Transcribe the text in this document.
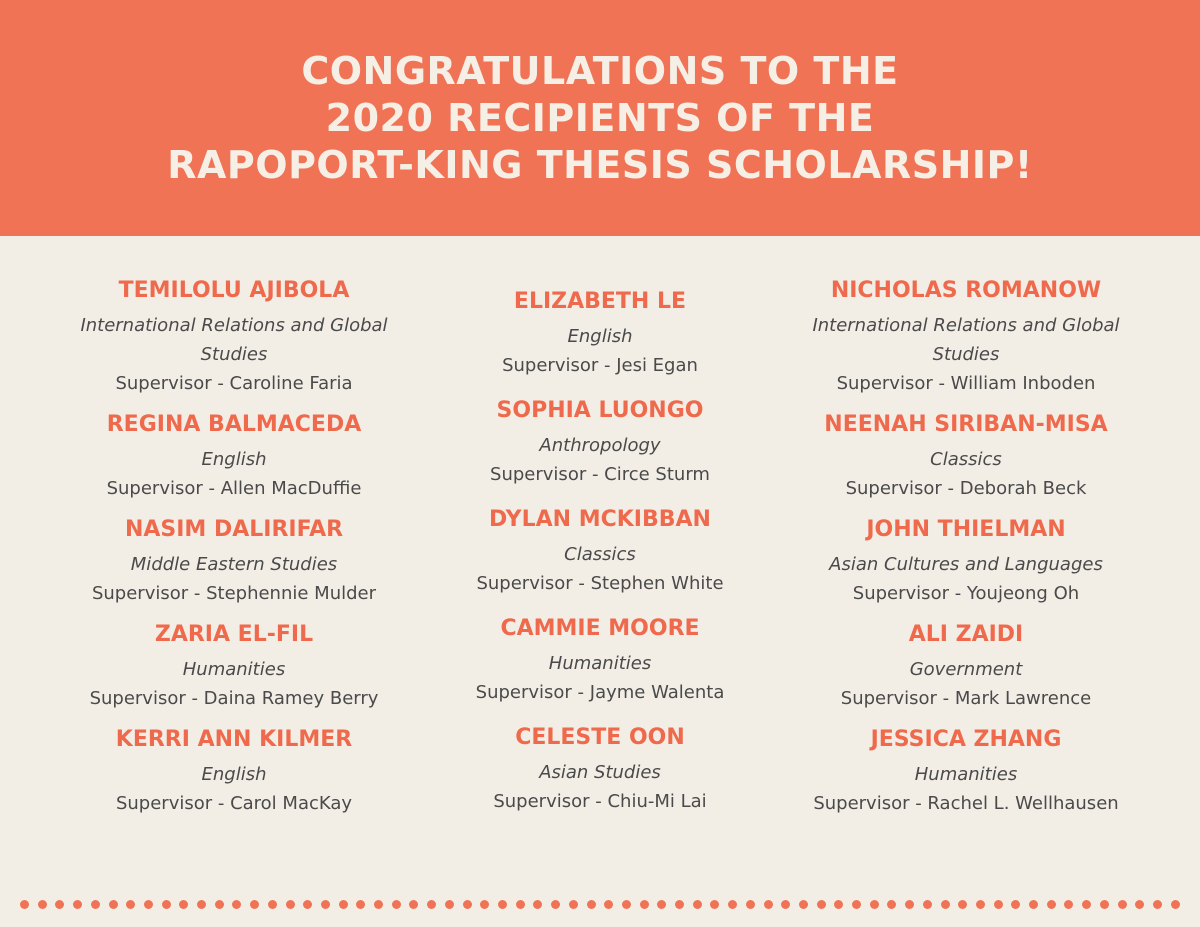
CONGRATULATIONS TO THE
2020 RECIPIENTS OF THE
RAPOPORT-KING THESIS SCHOLARSHIP!
TEMILOLU AJIBOLA
International Relations and Global Studies
Supervisor - Caroline Faria
REGINA BALMACEDA
English
Supervisor - Allen MacDuffie
NASIM DALIRIFAR
Middle Eastern Studies
Supervisor - Stephennie Mulder
ZARIA EL-FIL
Humanities
Supervisor - Daina Ramey Berry
KERRI ANN KILMER
English
Supervisor - Carol MacKay
ELIZABETH LE
English
Supervisor - Jesi Egan
SOPHIA LUONGO
Anthropology
Supervisor - Circe Sturm
DYLAN MCKIBBAN
Classics
Supervisor - Stephen White
CAMMIE MOORE
Humanities
Supervisor - Jayme Walenta
CELESTE OON
Asian Studies
Supervisor - Chiu-Mi Lai
NICHOLAS ROMANOW
International Relations and Global Studies
Supervisor - William Inboden
NEENAH SIRIBAN-MISA
Classics
Supervisor - Deborah Beck
JOHN THIELMAN
Asian Cultures and Languages
Supervisor - Youjeong Oh
ALI ZAIDI
Government
Supervisor - Mark Lawrence
JESSICA ZHANG
Humanities
Supervisor - Rachel L. Wellhausen
